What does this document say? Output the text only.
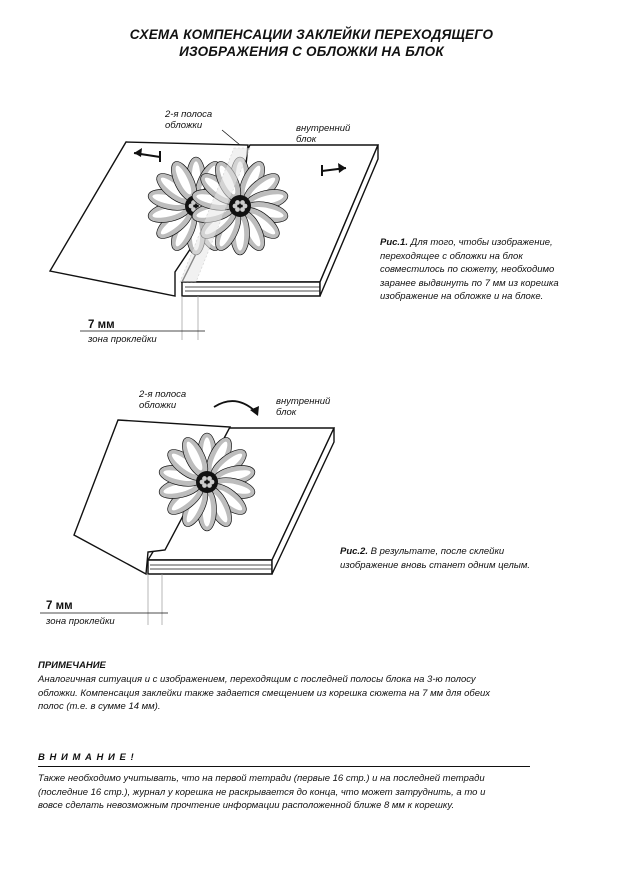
СХЕМА КОМПЕНСАЦИИ ЗАКЛЕЙКИ ПЕРЕХОДЯЩЕГО
ИЗОБРАЖЕНИЯ С ОБЛОЖКИ НА БЛОК
2-я полоса
обложки	внутренний
блок
7 мм
зона проклейки
2-я полоса
обложки	внутренний
блок
7 мм
зона проклейки
Рис.1. Для того, чтобы изображение,
переходящее с обложки на блок
совместилось по сюжету, необходимо
заранее выдвинуть по 7 мм из корешка
изображение на обложке и на блоке.
Рис.2. В результате, после склейки
изображение вновь станет одним целым.
ПРИМЕЧАНИЕ
Аналогичная ситуация и с изображением, переходящим с последней полосы блока на 3-ю полосу
обложки. Компенсация заклейки также задается смещением из корешка сюжета на 7 мм для обеих
полос (т.е. в сумме 14 мм).
В Н И М А Н И Е !
Также необходимо учитывать, что на первой тетради (первые 16 стр.) и на последней тетради
(последние 16 стр.), журнал у корешка не раскрывается до конца, что может затруднить, а то и
вовсе сделать невозможным прочтение информации расположенной ближе 8 мм к корешку.
